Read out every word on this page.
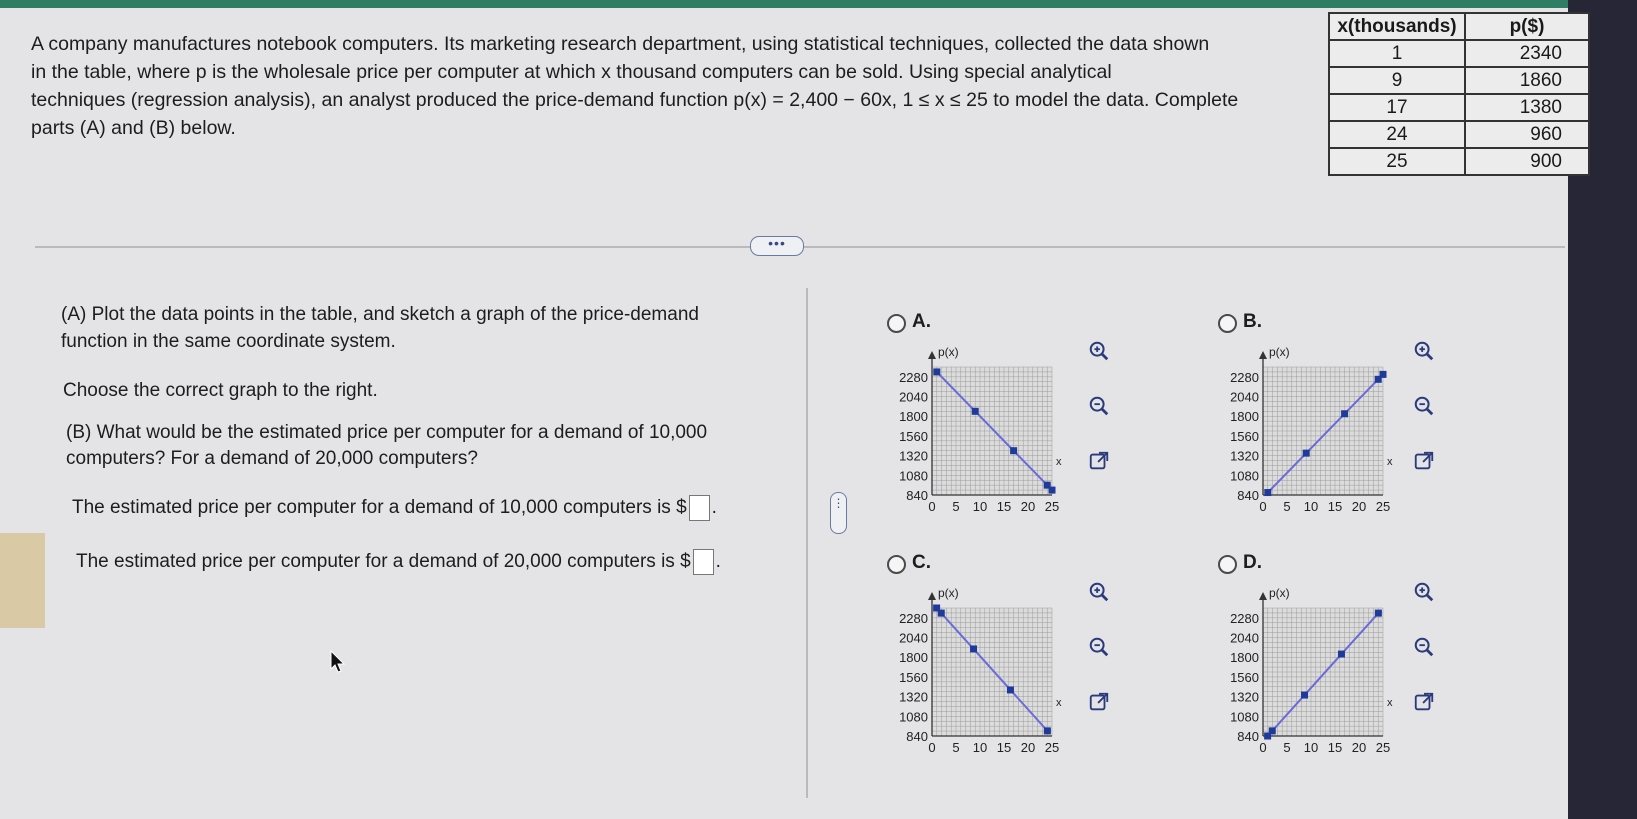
A company manufactures notebook computers. Its marketing research department, using statistical techniques, collected the data shown

in the table, where p is the wholesale price per computer at which x thousand computers can be sold. Using special analytical

techniques (regression analysis), an analyst produced the price-demand function p(x) = 2,400 − 60x, 1 ≤ x ≤ 25 to model the data. Complete

parts (A) and (B) below.

x(thousands)	p($)
1	2340
9	1860
17	1380
24	960
25	900
•••
⋮
(A) Plot the data points in the table, and sketch a graph of the price-demand
function in the same coordinate system.
Choose the correct graph to the right.
(B) What would be the estimated price per computer for a demand of 10,000
computers? For a demand of 20,000 computers?
The estimated price per computer for a demand of 10,000 computers is $ .
The estimated price per computer for a demand of 20,000 computers is $ .
A.
p(x)
x
2280
2040
1800
1560
1320
1080
840
0 5 10 15 20 25
B.
p(x)
x
2280
2040
1800
1560
1320
1080
840
0 5 10 15 20 25
C.
p(x)
x
2280
2040
1800
1560
1320
1080
840
0 5 10 15 20 25
D.
p(x)
x
2280
2040
1800
1560
1320
1080
840
0 5 10 15 20 25
